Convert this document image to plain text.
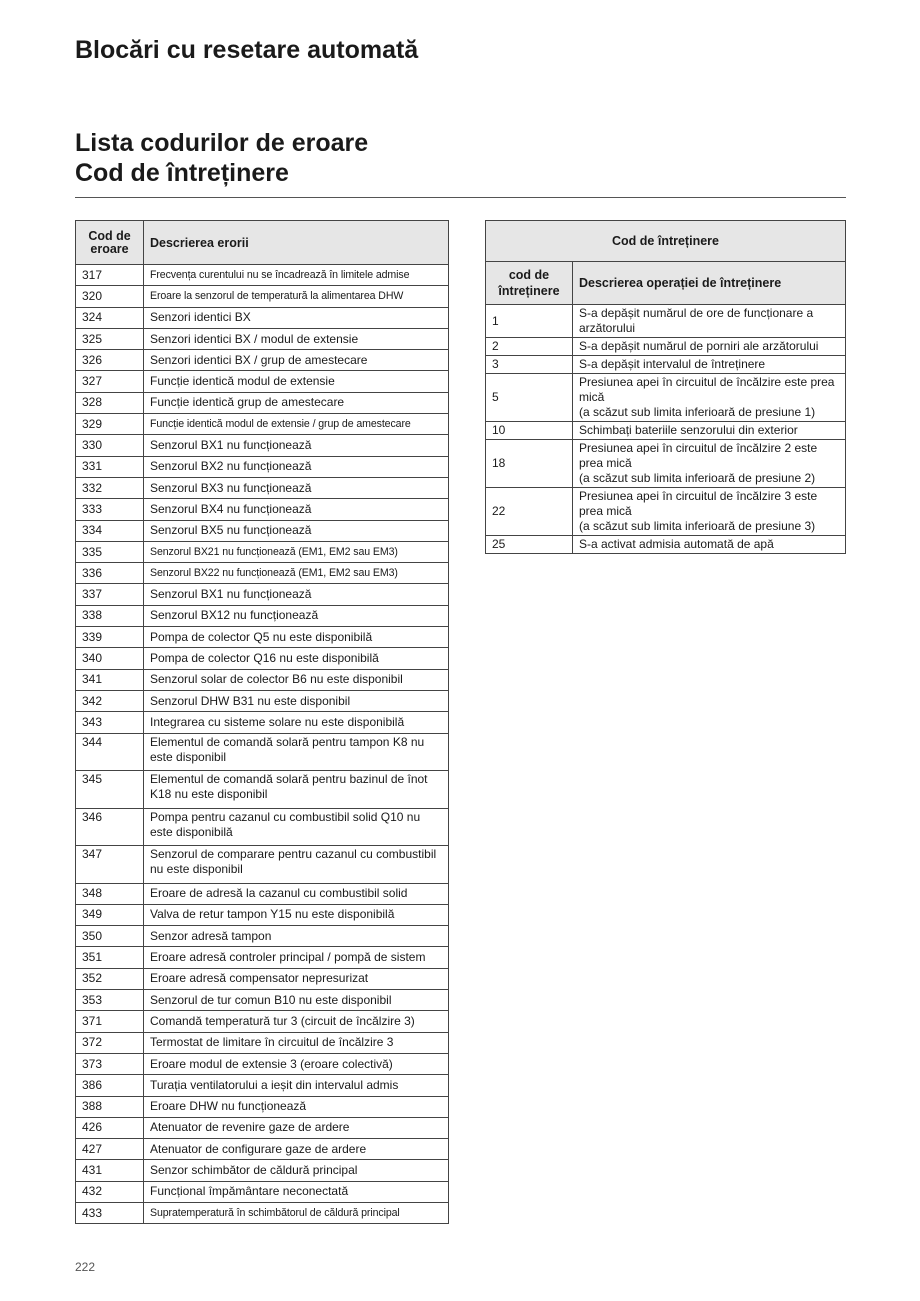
Blocări cu resetare automată
Lista codurilor de eroare
Cod de întreținere
Cod de eroare	Descrierea erorii
317	Frecvența curentului nu se încadrează în limitele admise
320	Eroare la senzorul de temperatură la alimentarea DHW
324	Senzori identici BX
325	Senzori identici BX / modul de extensie
326	Senzori identici BX / grup de amestecare
327	Funcție identică modul de extensie
328	Funcție identică grup de amestecare
329	Funcție identică modul de extensie / grup de amestecare
330	Senzorul BX1 nu funcționează
331	Senzorul BX2 nu funcționează
332	Senzorul BX3 nu funcționează
333	Senzorul BX4 nu funcționează
334	Senzorul BX5 nu funcționează
335	Senzorul BX21 nu funcționează (EM1, EM2 sau EM3)
336	Senzorul BX22 nu funcționează (EM1, EM2 sau EM3)
337	Senzorul BX1 nu funcționează
338	Senzorul BX12 nu funcționează
339	Pompa de colector Q5 nu este disponibilă
340	Pompa de colector Q16 nu este disponibilă
341	Senzorul solar de colector B6 nu este disponibil
342	Senzorul DHW B31 nu este disponibil
343	Integrarea cu sisteme solare nu este disponibilă
344	Elementul de comandă solară pentru tampon K8 nu este disponibil
345	Elementul de comandă solară pentru bazinul de înot K18 nu este disponibil
346	Pompa pentru cazanul cu combustibil solid Q10 nu este disponibilă
347	Senzorul de comparare pentru cazanul cu combustibil nu este disponibil
348	Eroare de adresă la cazanul cu combustibil solid
349	Valva de retur tampon Y15 nu este disponibilă
350	Senzor adresă tampon
351	Eroare adresă controler principal / pompă de sistem
352	Eroare adresă compensator nepresurizat
353	Senzorul de tur comun B10 nu este disponibil
371	Comandă temperatură tur 3 (circuit de încălzire 3)
372	Termostat de limitare în circuitul de încălzire 3
373	Eroare modul de extensie 3 (eroare colectivă)
386	Turația ventilatorului a ieșit din intervalul admis
388	Eroare DHW nu funcționează
426	Atenuator de revenire gaze de ardere
427	Atenuator de configurare gaze de ardere
431	Senzor schimbător de căldură principal
432	Funcțional împământare neconectată
433	Supratemperatură în schimbătorul de căldură principal
Cod de întreținere	
cod de întreținere	Descrierea operației de întreținere
1	S-a depășit numărul de ore de funcționare a arzătorului
2	S-a depășit numărul de porniri ale arzătorului
3	S-a depășit intervalul de întreținere
5	Presiunea apei în circuitul de încălzire este prea mică
(a scăzut sub limita inferioară de presiune 1)
10	Schimbați bateriile senzorului din exterior
18	Presiunea apei în circuitul de încălzire 2 este prea mică
(a scăzut sub limita inferioară de presiune 2)
22	Presiunea apei în circuitul de încălzire 3 este prea mică
(a scăzut sub limita inferioară de presiune 3)
25	S-a activat admisia automată de apă
222
